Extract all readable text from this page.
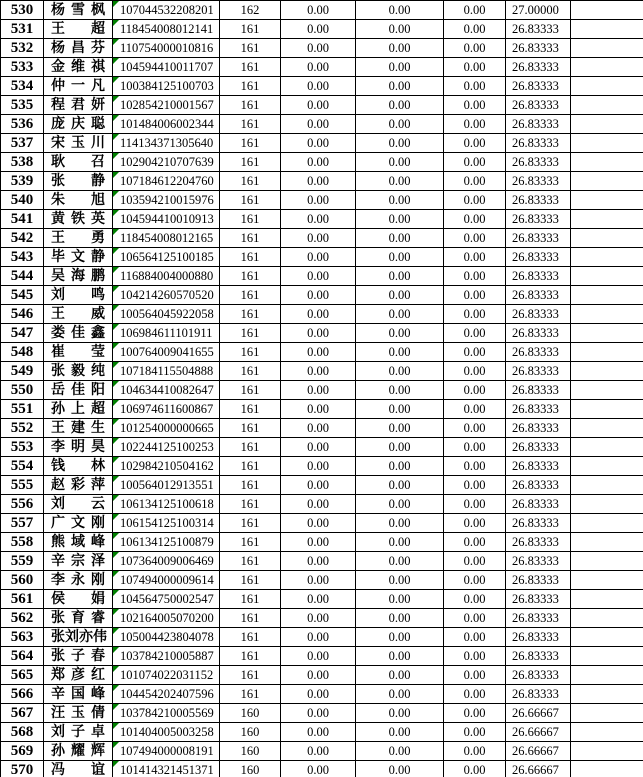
530	杨 雪 枫	107044532208201	162	0.00	0.00	0.00	27.00000	
531	王 超	118454008012141	161	0.00	0.00	0.00	26.83333	
532	杨 昌 芬	110754000010816	161	0.00	0.00	0.00	26.83333	
533	金 维 祺	104594410011707	161	0.00	0.00	0.00	26.83333	
534	仲 一 凡	100384125100703	161	0.00	0.00	0.00	26.83333	
535	程 君 妍	102854210001567	161	0.00	0.00	0.00	26.83333	
536	庞 庆 聪	101484006002344	161	0.00	0.00	0.00	26.83333	
537	宋 玉 川	114134371305640	161	0.00	0.00	0.00	26.83333	
538	耿 召	102904210707639	161	0.00	0.00	0.00	26.83333	
539	张 静	107184612204760	161	0.00	0.00	0.00	26.83333	
540	朱 旭	103594210015976	161	0.00	0.00	0.00	26.83333	
541	黄 铁 英	104594410010913	161	0.00	0.00	0.00	26.83333	
542	王 勇	118454008012165	161	0.00	0.00	0.00	26.83333	
543	毕 文 静	106564125100185	161	0.00	0.00	0.00	26.83333	
544	吴 海 鹏	116884004000880	161	0.00	0.00	0.00	26.83333	
545	刘 鸣	104214260570520	161	0.00	0.00	0.00	26.83333	
546	王 威	100564045922058	161	0.00	0.00	0.00	26.83333	
547	娄 佳 鑫	106984611101911	161	0.00	0.00	0.00	26.83333	
548	崔 莹	100764009041655	161	0.00	0.00	0.00	26.83333	
549	张 毅 纯	107184115504888	161	0.00	0.00	0.00	26.83333	
550	岳 佳 阳	104634410082647	161	0.00	0.00	0.00	26.83333	
551	孙 上 超	106974611600867	161	0.00	0.00	0.00	26.83333	
552	王 建 生	101254000000665	161	0.00	0.00	0.00	26.83333	
553	李 明 昊	102244125100253	161	0.00	0.00	0.00	26.83333	
554	钱 林	102984210504162	161	0.00	0.00	0.00	26.83333	
555	赵 彩 萍	100564012913551	161	0.00	0.00	0.00	26.83333	
556	刘 云	106134125100618	161	0.00	0.00	0.00	26.83333	
557	广 文 刚	106154125100314	161	0.00	0.00	0.00	26.83333	
558	熊 域 峰	106134125100879	161	0.00	0.00	0.00	26.83333	
559	辛 宗 泽	107364009006469	161	0.00	0.00	0.00	26.83333	
560	李 永 刚	107494000009614	161	0.00	0.00	0.00	26.83333	
561	侯 娟	104564750002547	161	0.00	0.00	0.00	26.83333	
562	张 育 睿	102164005070200	161	0.00	0.00	0.00	26.83333	
563	张 刘 亦 伟	105004423804078	161	0.00	0.00	0.00	26.83333	
564	张 子 春	103784210005887	161	0.00	0.00	0.00	26.83333	
565	郑 彦 红	101074022031152	161	0.00	0.00	0.00	26.83333	
566	辛 国 峰	104454202407596	161	0.00	0.00	0.00	26.83333	
567	汪 玉 倩	103784210005569	160	0.00	0.00	0.00	26.66667	
568	刘 子 卓	101404005003258	160	0.00	0.00	0.00	26.66667	
569	孙 耀 辉	107494000008191	160	0.00	0.00	0.00	26.66667	
570	冯 谊	101414321451371	160	0.00	0.00	0.00	26.66667	
